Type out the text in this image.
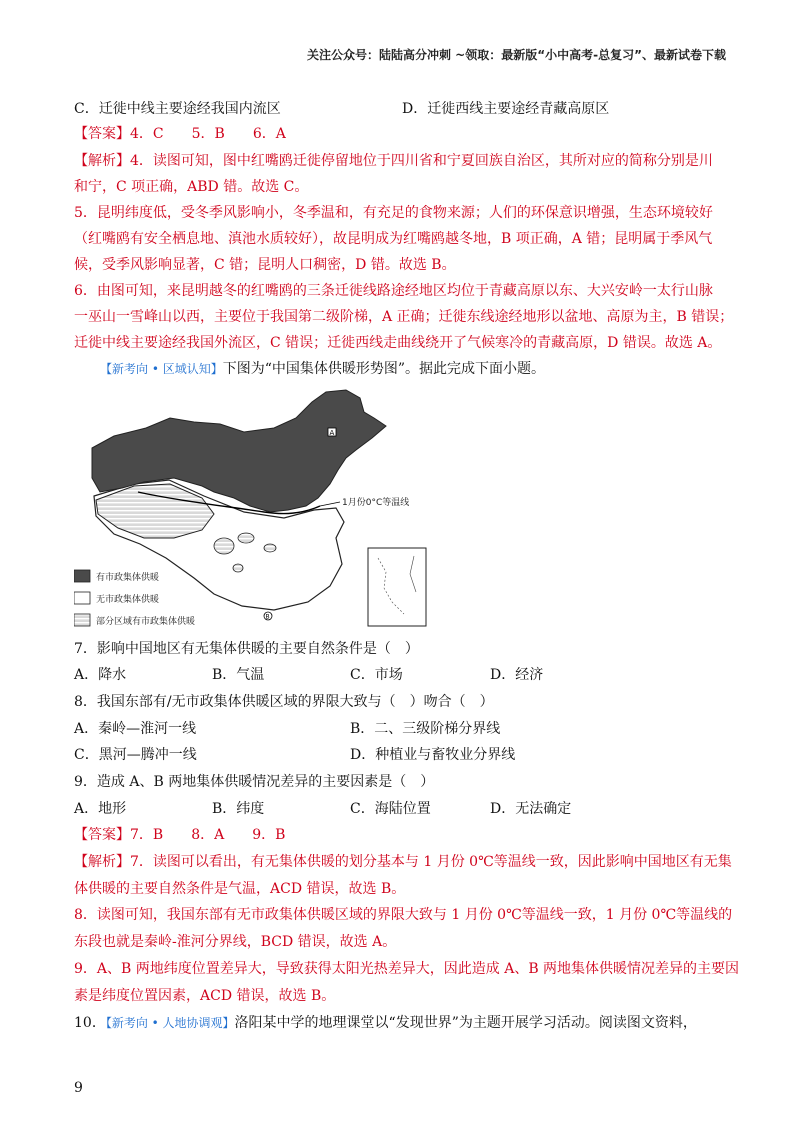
关注公众号：陆陆高分冲刺 ~领取：最新版“小中高考-总复习”、最新试卷下载
C．迁徙中线主要途经我国内流区	D．迁徙西线主要途经青藏高原区
【答案】4．C　　5．B　　6．A
【解析】4．读图可知，图中红嘴鸥迁徙停留地位于四川省和宁夏回族自治区，其所对应的简称分别是川
和宁，C 项正确，ABD 错。故选 C。
5．昆明纬度低，受冬季风影响小，冬季温和，有充足的食物来源；人们的环保意识增强，生态环境较好
（红嘴鸥有安全栖息地、滇池水质较好），故昆明成为红嘴鸥越冬地，B 项正确，A 错；昆明属于季风气
候，受季风影响显著，C 错；昆明人口稠密，D 错。故选 B。
6．由图可知，来昆明越冬的红嘴鸥的三条迁徙线路途经地区均位于青藏高原以东、大兴安岭一太行山脉
一巫山一雪峰山以西，主要位于我国第二级阶梯，A 正确；迁徙东线途经地形以盆地、高原为主，B 错误；
迁徙中线主要途经我国外流区，C 错误；迁徙西线走曲线绕开了气候寒冷的青藏高原，D 错误。故选 A。
【新考向 • 区域认知】下图为“中国集体供暖形势图”。据此完成下面小题。
1月份0°C等温线
A
B
有市政集体供暖
无市政集体供暖
部分区域有市政集体供暖
7．影响中国地区有无集体供暖的主要自然条件是（　）
A．降水	B．气温	C．市场	D．经济
8．我国东部有/无市政集体供暖区域的界限大致与（　）吻合（　）
A．秦岭—淮河一线	B．二、三级阶梯分界线
C．黑河—腾冲一线	D．种植业与畜牧业分界线
9．造成 A、B 两地集体供暖情况差异的主要因素是（　）
A．地形	B．纬度	C．海陆位置	D．无法确定
【答案】7．B　　8．A　　9．B
【解析】7．读图可以看出，有无集体供暖的划分基本与 1 月份 0℃等温线一致，因此影响中国地区有无集
体供暖的主要自然条件是气温，ACD 错误，故选 B。
8．读图可知，我国东部有无市政集体供暖区域的界限大致与 1 月份 0℃等温线一致，1 月份 0℃等温线的
东段也就是秦岭-淮河分界线，BCD 错误，故选 A。
9．A、B 两地纬度位置差异大，导致获得太阳光热差异大，因此造成 A、B 两地集体供暖情况差异的主要因
素是纬度位置因素，ACD 错误，故选 B。
10．【新考向 • 人地协调观】洛阳某中学的地理课堂以“发现世界”为主题开展学习活动。阅读图文资料，
9
